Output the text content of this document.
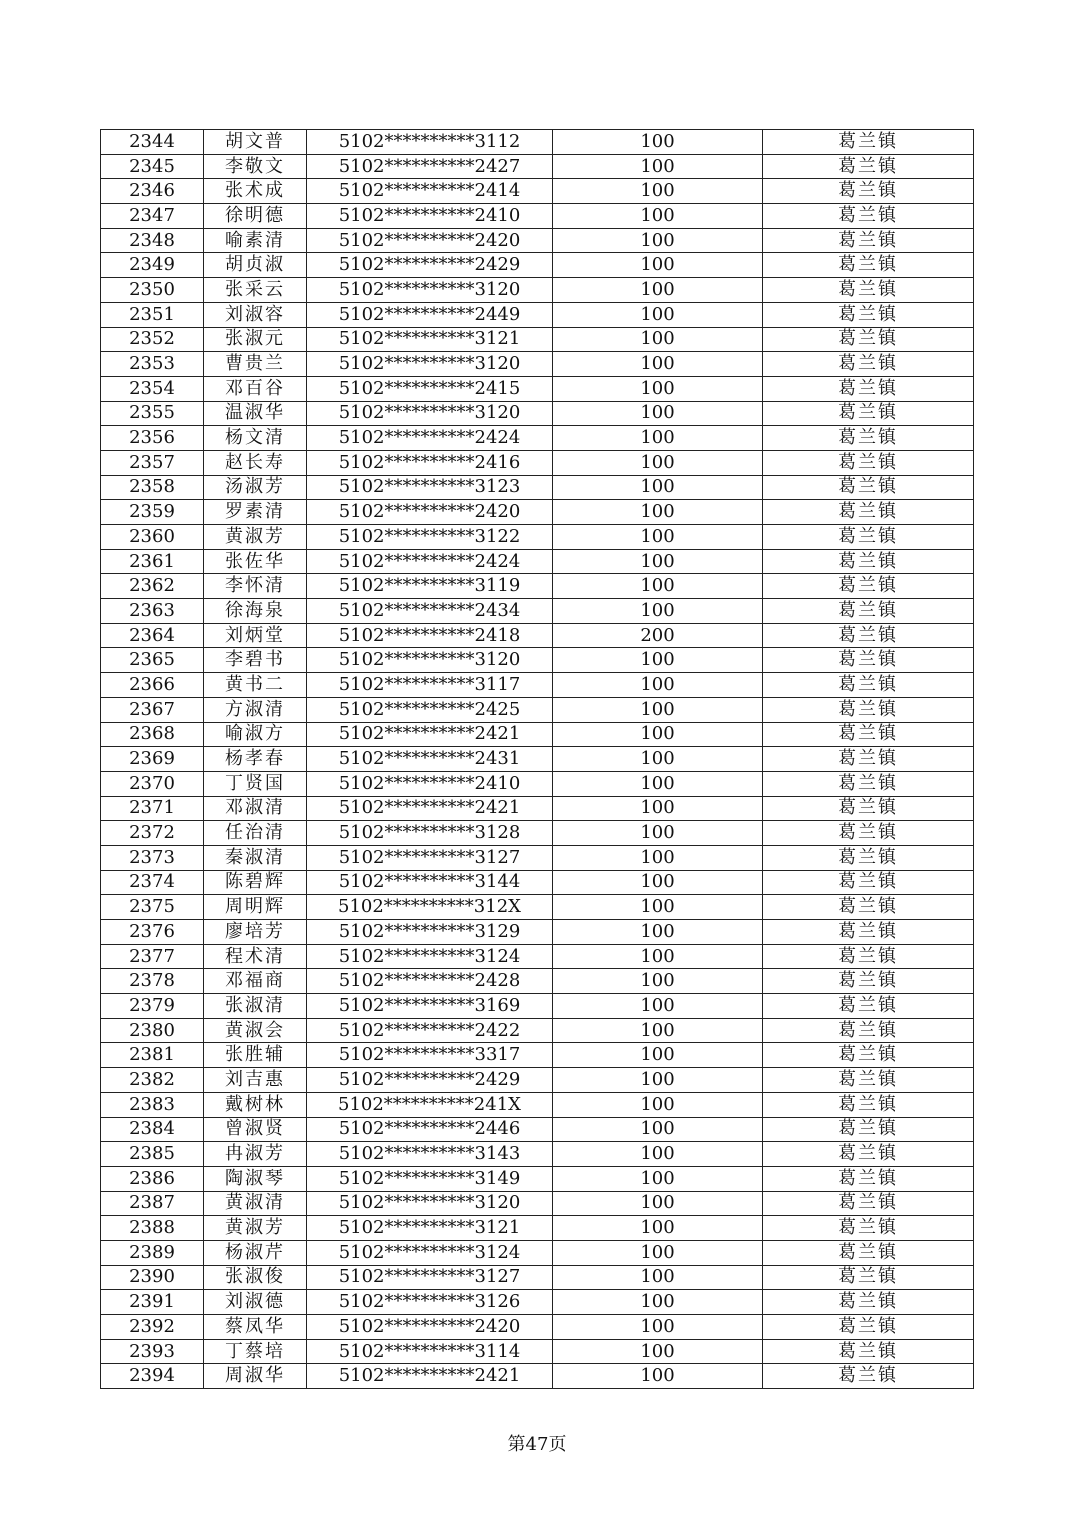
2344	胡文普	5102**********3112	100	葛兰镇
2345	李敬文	5102**********2427	100	葛兰镇
2346	张术成	5102**********2414	100	葛兰镇
2347	徐明德	5102**********2410	100	葛兰镇
2348	喻素清	5102**********2420	100	葛兰镇
2349	胡贞淑	5102**********2429	100	葛兰镇
2350	张采云	5102**********3120	100	葛兰镇
2351	刘淑容	5102**********2449	100	葛兰镇
2352	张淑元	5102**********3121	100	葛兰镇
2353	曹贵兰	5102**********3120	100	葛兰镇
2354	邓百谷	5102**********2415	100	葛兰镇
2355	温淑华	5102**********3120	100	葛兰镇
2356	杨文清	5102**********2424	100	葛兰镇
2357	赵长寿	5102**********2416	100	葛兰镇
2358	汤淑芳	5102**********3123	100	葛兰镇
2359	罗素清	5102**********2420	100	葛兰镇
2360	黄淑芳	5102**********3122	100	葛兰镇
2361	张佐华	5102**********2424	100	葛兰镇
2362	李怀清	5102**********3119	100	葛兰镇
2363	徐海泉	5102**********2434	100	葛兰镇
2364	刘炳堂	5102**********2418	200	葛兰镇
2365	李碧书	5102**********3120	100	葛兰镇
2366	黄书二	5102**********3117	100	葛兰镇
2367	方淑清	5102**********2425	100	葛兰镇
2368	喻淑方	5102**********2421	100	葛兰镇
2369	杨孝春	5102**********2431	100	葛兰镇
2370	丁贤国	5102**********2410	100	葛兰镇
2371	邓淑清	5102**********2421	100	葛兰镇
2372	任治清	5102**********3128	100	葛兰镇
2373	秦淑清	5102**********3127	100	葛兰镇
2374	陈碧辉	5102**********3144	100	葛兰镇
2375	周明辉	5102**********312X	100	葛兰镇
2376	廖培芳	5102**********3129	100	葛兰镇
2377	程术清	5102**********3124	100	葛兰镇
2378	邓福商	5102**********2428	100	葛兰镇
2379	张淑清	5102**********3169	100	葛兰镇
2380	黄淑会	5102**********2422	100	葛兰镇
2381	张胜辅	5102**********3317	100	葛兰镇
2382	刘吉惠	5102**********2429	100	葛兰镇
2383	戴树林	5102**********241X	100	葛兰镇
2384	曾淑贤	5102**********2446	100	葛兰镇
2385	冉淑芳	5102**********3143	100	葛兰镇
2386	陶淑琴	5102**********3149	100	葛兰镇
2387	黄淑清	5102**********3120	100	葛兰镇
2388	黄淑芳	5102**********3121	100	葛兰镇
2389	杨淑芹	5102**********3124	100	葛兰镇
2390	张淑俊	5102**********3127	100	葛兰镇
2391	刘淑德	5102**********3126	100	葛兰镇
2392	蔡凤华	5102**********2420	100	葛兰镇
2393	丁蔡培	5102**********3114	100	葛兰镇
2394	周淑华	5102**********2421	100	葛兰镇
第47页
